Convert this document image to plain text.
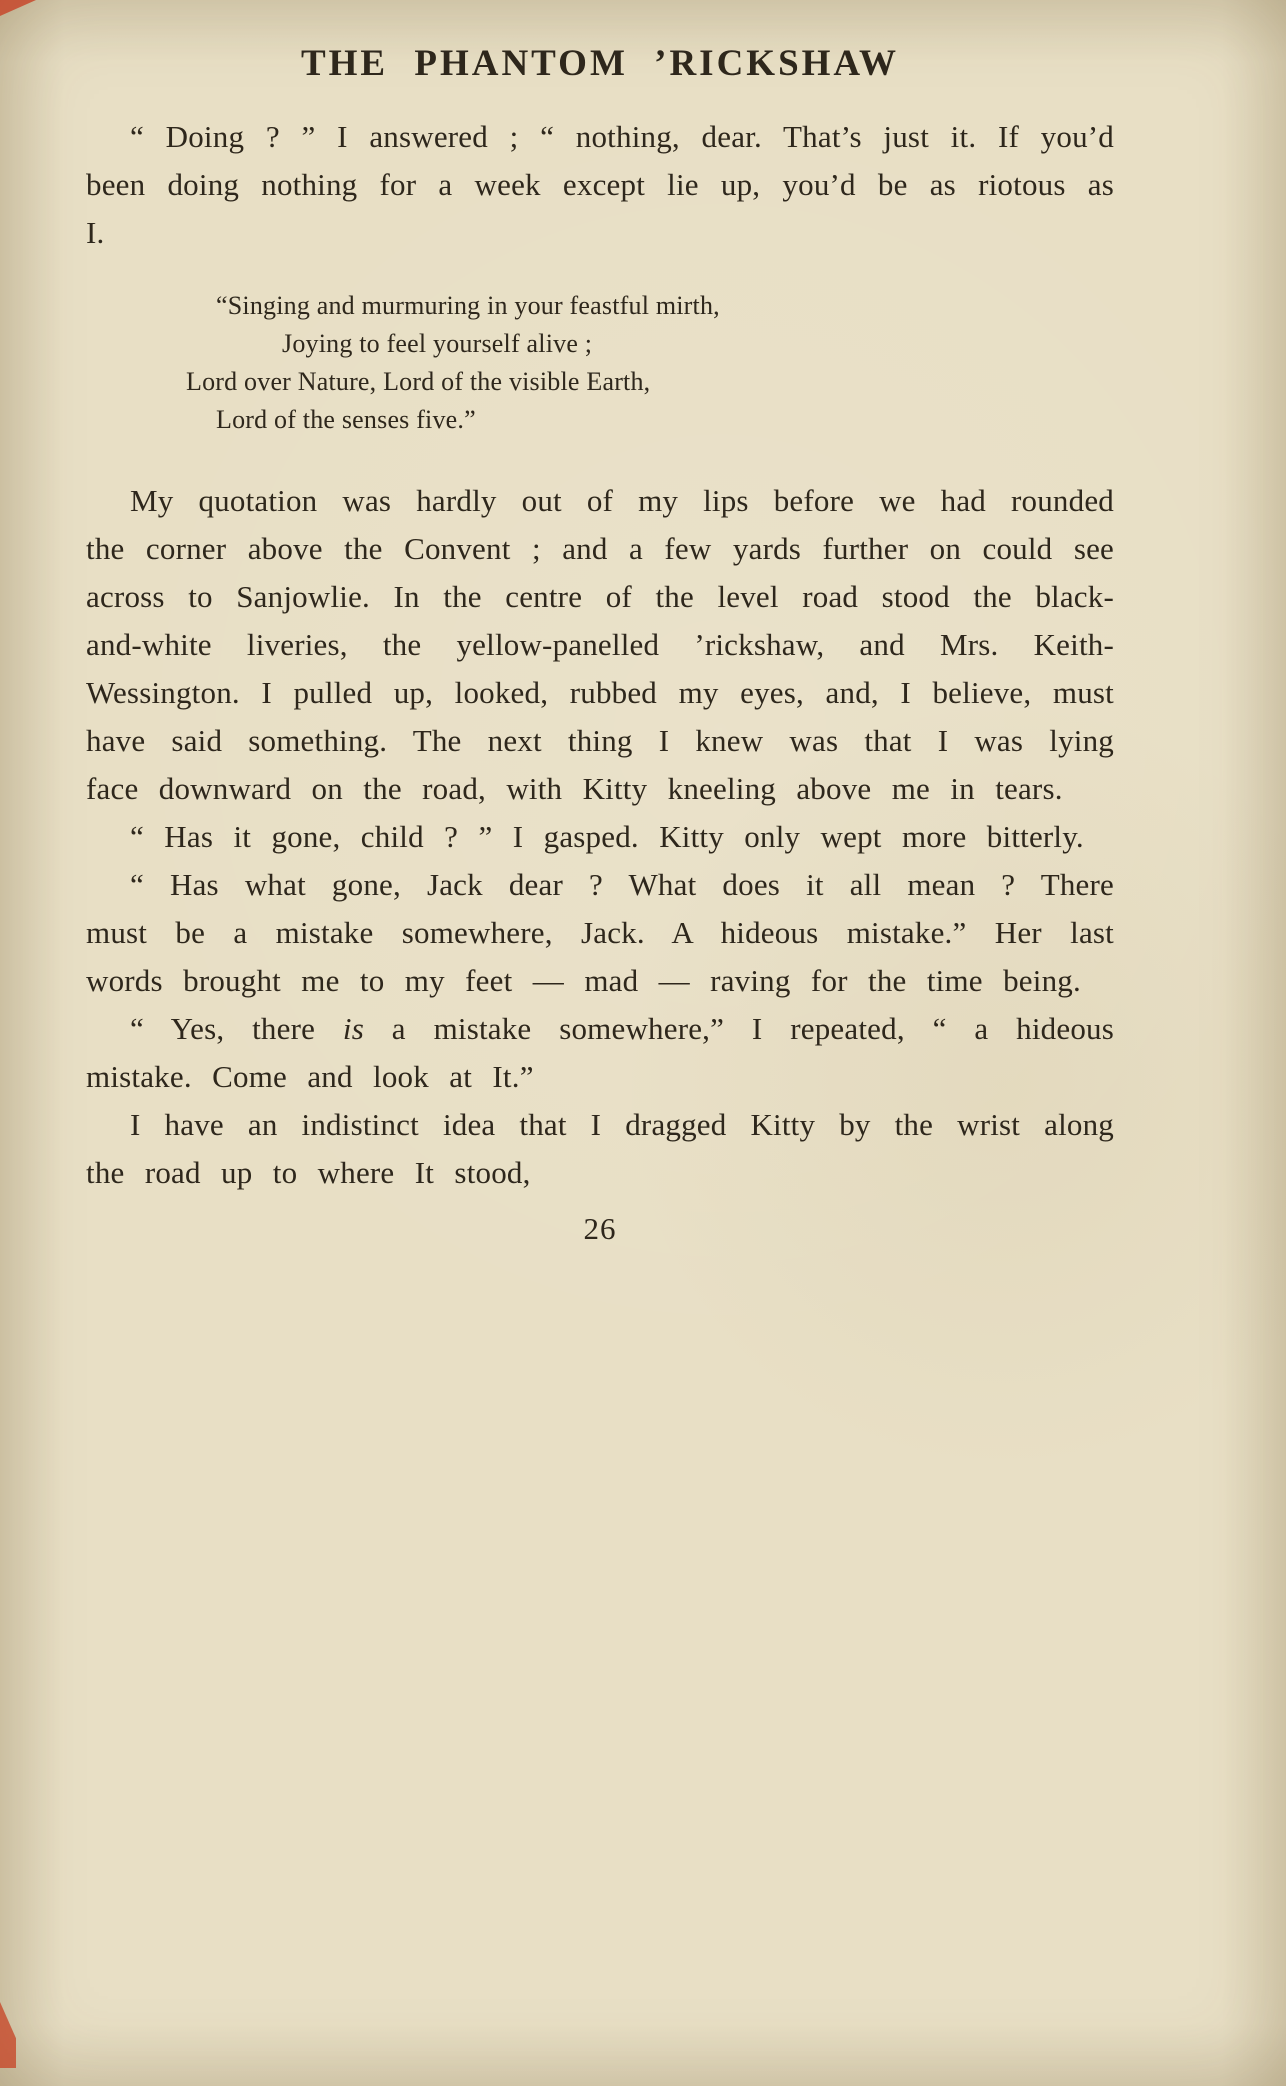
THE PHANTOM ’RICKSHAW

“ Doing ? ” I answered ; “ nothing, dear. That’s just it. If you’d been doing nothing for a week except lie up, you’d be as riotous as I.

“Singing and murmuring in your feastful mirth,
Joying to feel yourself alive ;
Lord over Nature, Lord of the visible Earth,
Lord of the senses five.”

My quotation was hardly out of my lips before we had rounded the corner above the Convent ; and a few yards further on could see across to Sanjowlie. In the centre of the level road stood the black-and-white liveries, the yellow-panelled ’rickshaw, and Mrs. Keith-Wessington. I pulled up, looked, rubbed my eyes, and, I believe, must have said something. The next thing I knew was that I was lying face downward on the road, with Kitty kneeling above me in tears.

“ Has it gone, child ? ” I gasped. Kitty only wept more bitterly.

“ Has what gone, Jack dear ? What does it all mean ? There must be a mistake somewhere, Jack. A hideous mistake.” Her last words brought me to my feet — mad — raving for the time being.

“ Yes, there is a mistake somewhere,” I repeated, “ a hideous mistake. Come and look at It.”

I have an indistinct idea that I dragged Kitty by the wrist along the road up to where It stood,

26
